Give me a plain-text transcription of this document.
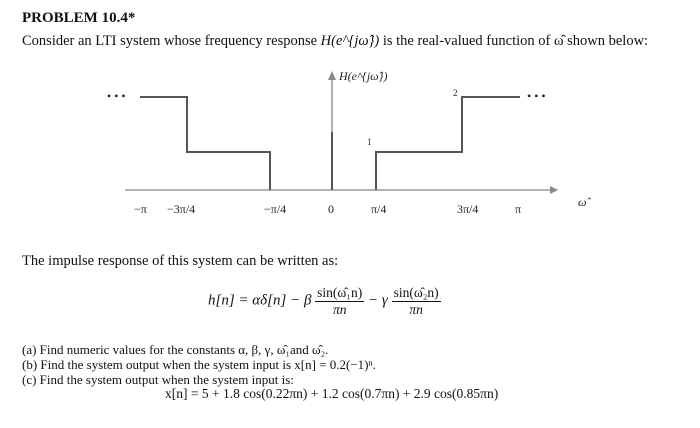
PROBLEM 10.4*
Consider an LTI system whose frequency response H(e^{jω̂}) is the real-valued function of ω̂ shown below:
• • •	• • •
1
2
H(e^{jω̂})
ω̂
−π −3π/4	−π/4	0	π/4	3π/4	π
The impulse response of this system can be written as:
h[n] = αδ[n] − β $\frac{\text{sin(ω̂₁n)}}{\pi n} - \gamma \frac{\text{sin(ω̂₂n)}}{\pi n}$
(a) Find numeric values for the constants α, β, γ, ω̂₁and ω̂₂.
(b) Find the system output when the system input is x[n] = 0.2(−1)ⁿ.
(c) Find the system output when the system input is:
x[n] = 5 + 1.8 cos(0.22πn) + 1.2 cos(0.7πn) + 2.9 cos(0.85πn)
